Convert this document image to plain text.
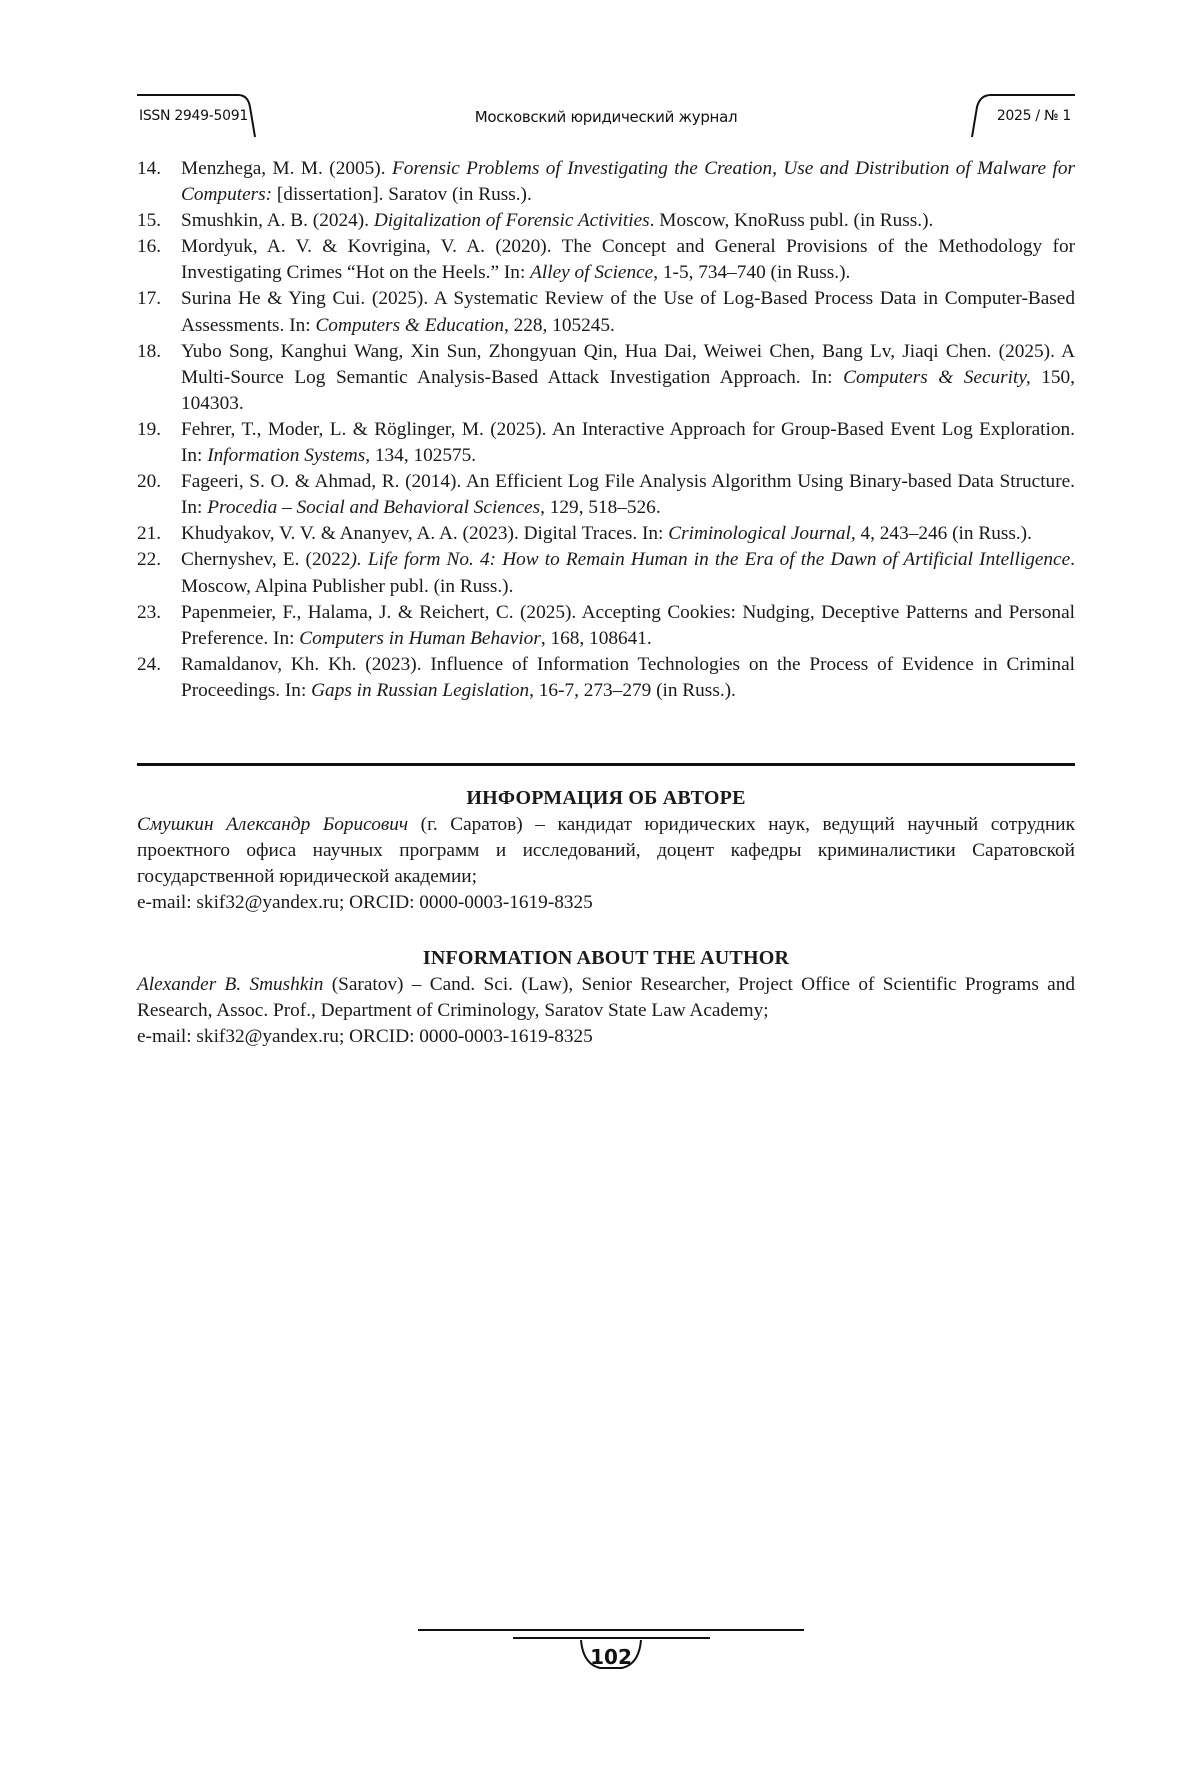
ISSN 2949-5091	Московский юридический журнал	2025 / № 1
14. Menzhega, M. M. (2005). Forensic Problems of Investigating the Creation, Use and Distribution of Malware for Computers: [dissertation]. Saratov (in Russ.).
15. Smushkin, A. B. (2024). Digitalization of Forensic Activities. Moscow, KnoRuss publ. (in Russ.).
16. Mordyuk, A. V. & Kovrigina, V. A. (2020). The Concept and General Provisions of the Methodology for Investigating Crimes “Hot on the Heels.” In: Alley of Science, 1-5, 734–740 (in Russ.).
17. Surina He & Ying Cui. (2025). A Systematic Review of the Use of Log-Based Process Data in Computer-Based Assessments. In: Computers & Education, 228, 105245.
18. Yubo Song, Kanghui Wang, Xin Sun, Zhongyuan Qin, Hua Dai, Weiwei Chen, Bang Lv, Jiaqi Chen. (2025). A Multi-Source Log Semantic Analysis-Based Attack Investigation Approach. In: Computers & Security, 150, 104303.
19. Fehrer, T., Moder, L. & Röglinger, M. (2025). An Interactive Approach for Group-Based Event Log Exploration. In: Information Systems, 134, 102575.
20. Fageeri, S. O. & Ahmad, R. (2014). An Efficient Log File Analysis Algorithm Using Binary-based Data Structure. In: Procedia – Social and Behavioral Sciences, 129, 518–526.
21. Khudyakov, V. V. & Ananyev, A. A. (2023). Digital Traces. In: Criminological Journal, 4, 243–246 (in Russ.).
22. Chernyshev, E. (2022). Life form No. 4: How to Remain Human in the Era of the Dawn of Artificial Intelligence. Moscow, Alpina Publisher publ. (in Russ.).
23. Papenmeier, F., Halama, J. & Reichert, C. (2025). Accepting Cookies: Nudging, Deceptive Patterns and Personal Preference. In: Computers in Human Behavior, 168, 108641.
24. Ramaldanov, Kh. Kh. (2023). Influence of Information Technologies on the Process of Evidence in Criminal Proceedings. In: Gaps in Russian Legislation, 16-7, 273–279 (in Russ.).
ИНФОРМАЦИЯ ОБ АВТОРЕ

Смушкин Александр Борисович (г. Саратов) – кандидат юридических наук, ведущий научный сотрудник проектного офиса научных программ и исследований, доцент кафедры криминалистики Саратовской государственной юридической академии;

e-mail: skif32@yandex.ru; ORCID: 0000-0003-1619-8325

INFORMATION ABOUT THE AUTHOR

Alexander B. Smushkin (Saratov) – Cand. Sci. (Law), Senior Researcher, Project Office of Scientific Programs and Research, Assoc. Prof., Department of Criminology, Saratov State Law Academy;

e-mail: skif32@yandex.ru; ORCID: 0000-0003-1619-8325

102
